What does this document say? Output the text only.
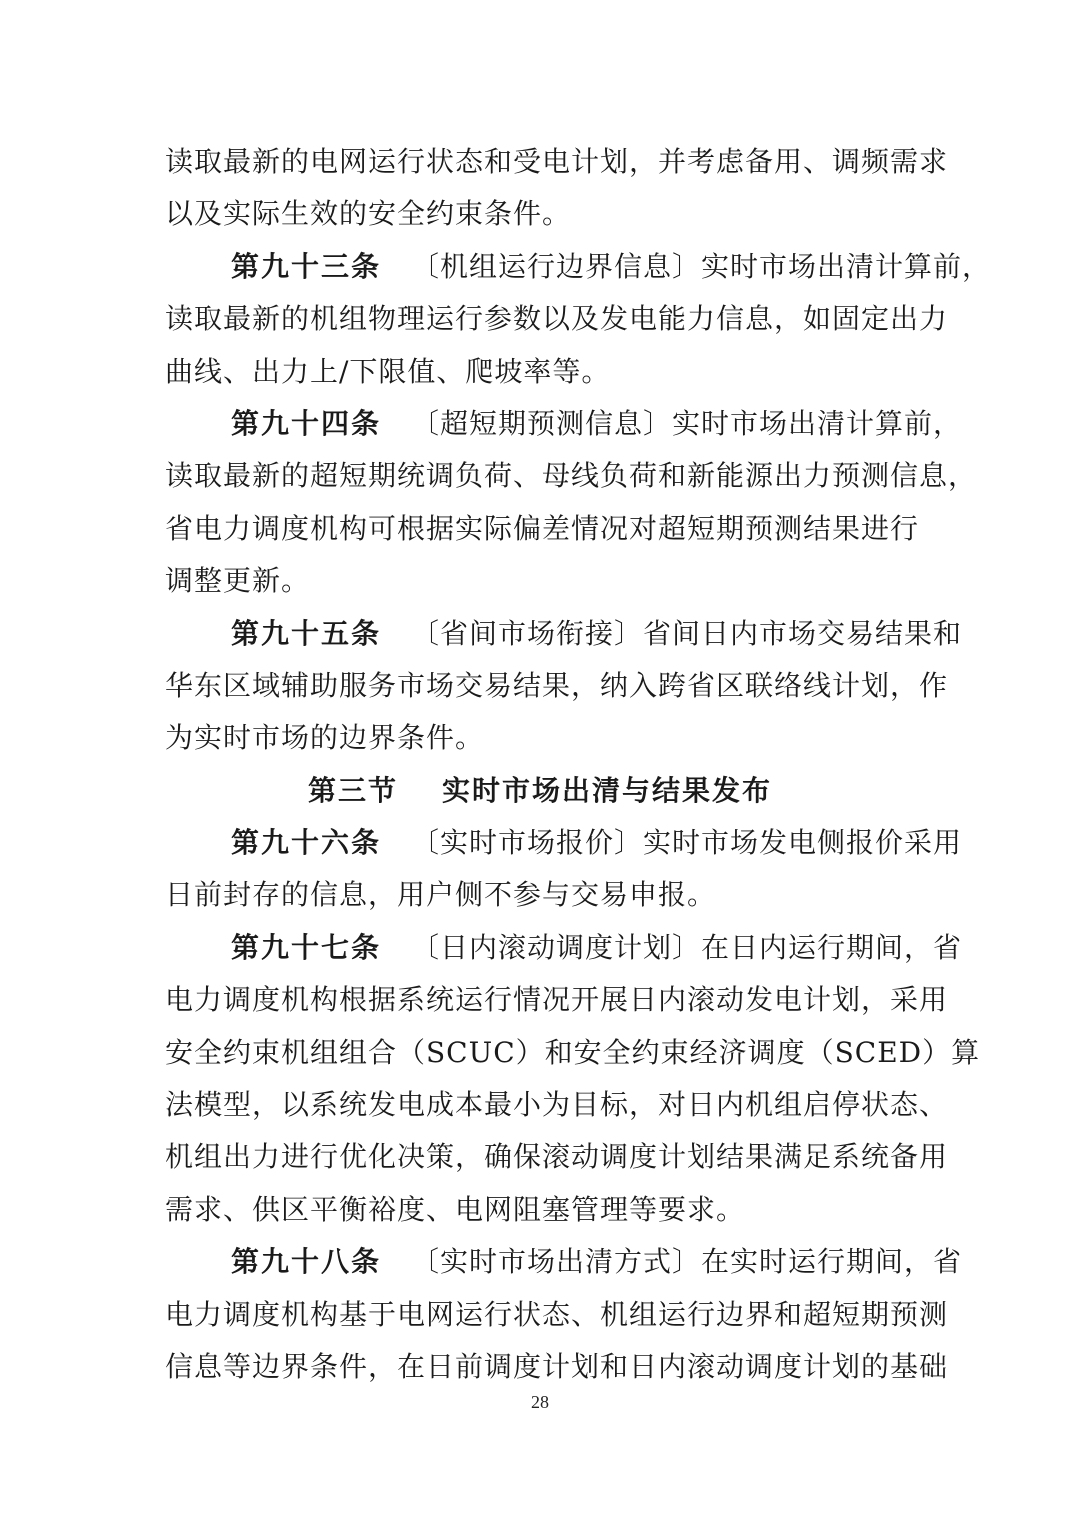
读取最新的电网运行状态和受电计划，并考虑备用、调频需求
以及实际生效的安全约束条件。
第九十三条 〔机组运行边界信息〕实时市场出清计算前，
读取最新的机组物理运行参数以及发电能力信息，如固定出力
曲线、出力上/下限值、爬坡率等。
第九十四条 〔超短期预测信息〕实时市场出清计算前，
读取最新的超短期统调负荷、母线负荷和新能源出力预测信息，
省电力调度机构可根据实际偏差情况对超短期预测结果进行
调整更新。
第九十五条 〔省间市场衔接〕省间日内市场交易结果和
华东区域辅助服务市场交易结果，纳入跨省区联络线计划，作
为实时市场的边界条件。
第三节 实时市场出清与结果发布
第九十六条 〔实时市场报价〕实时市场发电侧报价采用
日前封存的信息，用户侧不参与交易申报。
第九十七条 〔日内滚动调度计划〕在日内运行期间，省
电力调度机构根据系统运行情况开展日内滚动发电计划，采用
安全约束机组组合（SCUC）和安全约束经济调度（SCED）算
法模型，以系统发电成本最小为目标，对日内机组启停状态、
机组出力进行优化决策，确保滚动调度计划结果满足系统备用
需求、供区平衡裕度、电网阻塞管理等要求。
第九十八条 〔实时市场出清方式〕在实时运行期间，省
电力调度机构基于电网运行状态、机组运行边界和超短期预测
信息等边界条件，在日前调度计划和日内滚动调度计划的基础
28
